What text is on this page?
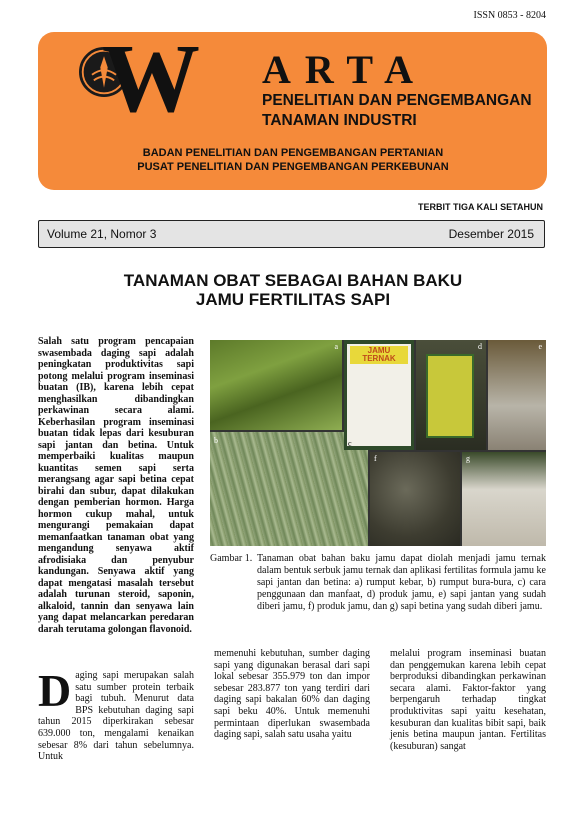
ISSN 0853 - 8204
W ARTA
PENELITIAN DAN PENGEMBANGAN
TANAMAN INDUSTRI
BADAN PENELITIAN DAN PENGEMBANGAN PERTANIAN
PUSAT PENELITIAN DAN PENGEMBANGAN PERKEBUNAN
TERBIT TIGA KALI SETAHUN
Volume 21, Nomor 3	Desember 2015
TANAMAN OBAT SEBAGAI BAHAN BAKU
JAMU FERTILITAS SAPI
Salah satu program pencapaian swasembada daging sapi adalah peningkatan produktivitas sapi potong melalui program inseminasi buatan (IB), karena lebih cepat menghasilkan dibandingkan perkawinan secara alami. Keberhasilan program inseminasi buatan tidak lepas dari kesuburan sapi jantan dan betina. Untuk memperbaiki kualitas maupun kuantitas semen sapi serta merangsang agar sapi betina cepat birahi dan subur, dapat dilakukan dengan pemberian hormon. Harga hormon cukup mahal, untuk mengurangi pemakaian dapat memanfaatkan tanaman obat yang mengandung senyawa aktif afrodisiaka dan penyubur kandungan. Senyawa aktif yang dapat mengatasi masalah tersebut adalah turunan steroid, saponin, alkaloid, tannin dan senyawa lain yang dapat melancarkan peredaran darah terutama golongan flavonoid.
a
b
JAMU TERNAK
c
d	e
f	g
Gambar 1. Tanaman obat bahan baku jamu dapat diolah menjadi jamu ternak dalam bentuk serbuk jamu ternak dan aplikasi fertilitas formula jamu ke sapi jantan dan betina: a) rumput kebar, b) rumput bura-bura, c) cara penggunaan dan manfaat, d) produk jamu, e) sapi jantan yang sudah diberi jamu, f) produk jamu, dan g) sapi betina yang sudah diberi jamu.
Daging sapi merupakan salah satu sumber protein terbaik bagi tubuh. Menurut data BPS kebutuhan daging sapi tahun 2015 diperkirakan sebesar 639.000 ton, mengalami kenaikan sebesar 8% dari tahun sebelumnya. Untuk
memenuhi kebutuhan, sumber daging sapi yang digunakan berasal dari sapi lokal sebesar 355.979 ton dan impor sebesar 283.877 ton yang terdiri dari daging sapi bakalan 60% dan daging sapi beku 40%. Untuk memenuhi permintaan diperlukan swasembada daging sapi, salah satu usaha yaitu
melalui program inseminasi buatan dan penggemukan karena lebih cepat berproduksi dibandingkan perkawinan secara alami. Faktor-faktor yang berpengaruh terhadap tingkat produktivitas sapi yaitu kesehatan, kesuburan dan kualitas bibit sapi, baik jenis betina maupun jantan. Fertilitas (kesuburan) sangat
